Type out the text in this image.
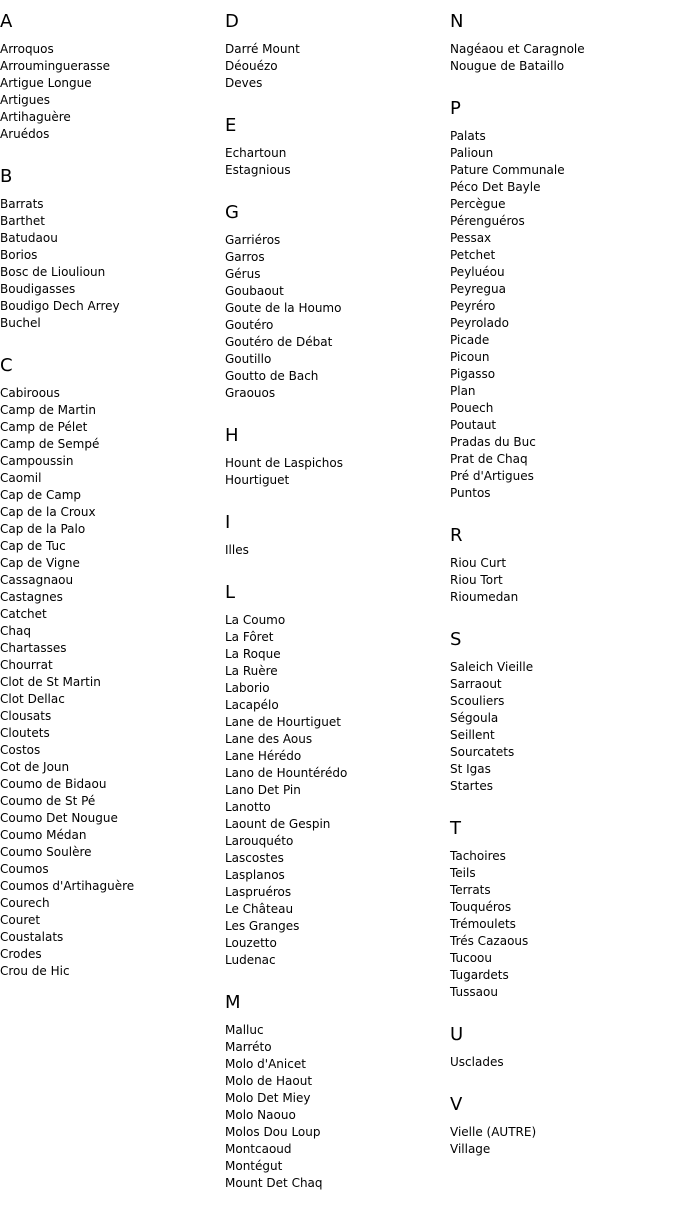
A
Arroquos
Arrouminguerasse
Artigue Longue
Artigues
Artihaguère
Aruédos
B
Barrats
Barthet
Batudaou
Borios
Bosc de Lioulioun
Boudigasses
Boudigo Dech Arrey
Buchel
C
Cabiroous
Camp de Martin
Camp de Pélet
Camp de Sempé
Campoussin
Caomil
Cap de Camp
Cap de la Croux
Cap de la Palo
Cap de Tuc
Cap de Vigne
Cassagnaou
Castagnes
Catchet
Chaq
Chartasses
Chourrat
Clot de St Martin
Clot Dellac
Clousats
Cloutets
Costos
Cot de Joun
Coumo de Bidaou
Coumo de St Pé
Coumo Det Nougue
Coumo Médan
Coumo Soulère
Coumos
Coumos d'Artihaguère
Courech
Couret
Coustalats
Crodes
Crou de Hic
D
Darré Mount
Déouézo
Deves
E
Echartoun
Estagnious
G
Garriéros
Garros
Gérus
Goubaout
Goute de la Houmo
Goutéro
Goutéro de Débat
Goutillo
Goutto de Bach
Graouos
H
Hount de Laspichos
Hourtiguet
I
Illes
L
La Coumo
La Fôret
La Roque
La Ruère
Laborio
Lacapélo
Lane de Hourtiguet
Lane des Aous
Lane Hérédo
Lano de Hountérédo
Lano Det Pin
Lanotto
Laount de Gespin
Larouquéto
Lascostes
Lasplanos
Laspruéros
Le Château
Les Granges
Louzetto
Ludenac
M
Malluc
Marréto
Molo d'Anicet
Molo de Haout
Molo Det Miey
Molo Naouo
Molos Dou Loup
Montcaoud
Montégut
Mount Det Chaq
N
Nagéaou et Caragnole
Nougue de Bataillo
P
Palats
Palioun
Pature Communale
Péco Det Bayle
Percègue
Pérenguéros
Pessax
Petchet
Peyluéou
Peyregua
Peyréro
Peyrolado
Picade
Picoun
Pigasso
Plan
Pouech
Poutaut
Pradas du Buc
Prat de Chaq
Pré d'Artigues
Puntos
R
Riou Curt
Riou Tort
Rioumedan
S
Saleich Vieille
Sarraout
Scouliers
Ségoula
Seillent
Sourcatets
St Igas
Startes
T
Tachoires
Teils
Terrats
Touquéros
Trémoulets
Trés Cazaous
Tucoou
Tugardets
Tussaou
U
Usclades
V
Vielle (AUTRE)
Village
